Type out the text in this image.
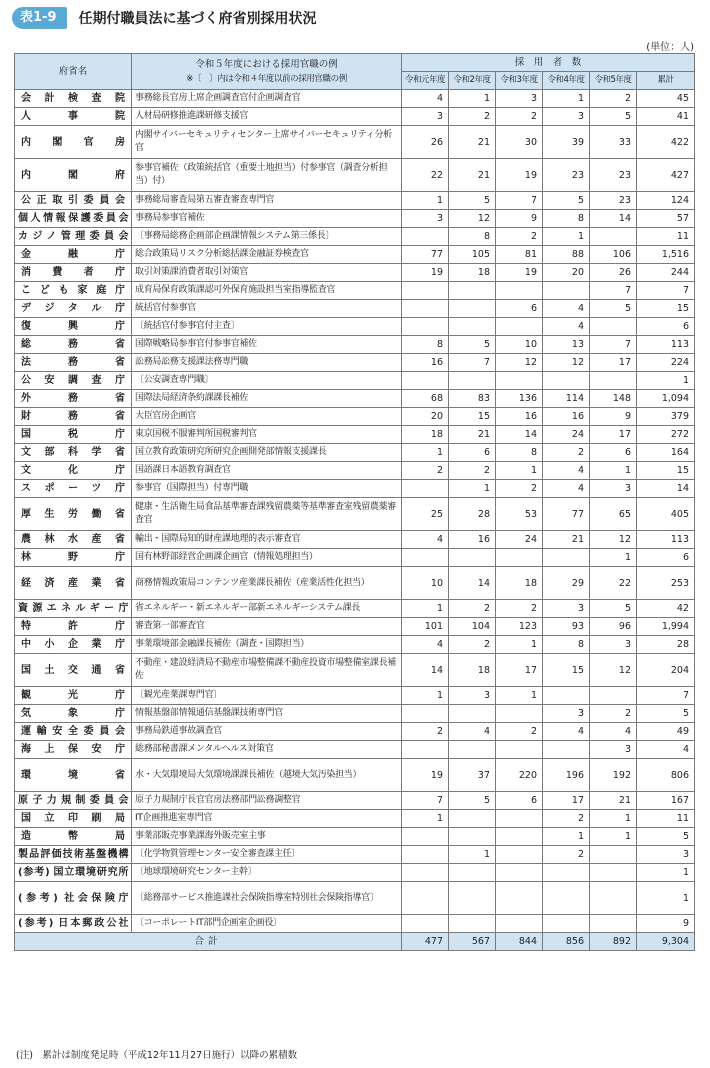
表1-9	任期付職員法に基づく府省別採用状況
(単位：人)
府省名	令和５年度における採用官職の例
※〔　〕内は令和４年度以前の採用官職の例	採　用　者　数					
		令和元年度	令和2年度	令和3年度	令和4年度	令和5年度	累計
会計検査院	事務総長官房上席企画調査官付企画調査官	4	1	3	1	2	45
人事院	人材局研修推進課研修支援官	3	2	2	3	5	41
内閣官房	内閣サイバーセキュリティセンター上席サイバーセキュリティ分析官	26	21	30	39	33	422
内閣府	参事官補佐（政策統括官（重要土地担当）付参事官（調査分析担当）付）	22	21	19	23	23	427
公正取引委員会	事務総局審査局第五審査審査専門官	1	5	7	5	23	124
個人情報保護委員会	事務局参事官補佐	3	12	9	8	14	57
カジノ管理委員会	〔事務局総務企画部企画課情報システム第三係長〕		8	2	1		11
金融庁	総合政策局リスク分析総括課金融証券検査官	77	105	81	88	106	1,516
消費者庁	取引対策課消費者取引対策官	19	18	19	20	26	244
こども家庭庁	成育局保育政策課認可外保育施設担当室指導監査官					7	7
デジタル庁	統括官付参事官			6	4	5	15
復興庁	〔統括官付参事官付主査〕				4		6
総務省	国際戦略局参事官付参事官補佐	8	5	10	13	7	113
法務省	訟務局訟務支援課法務専門職	16	7	12	12	17	224
公安調査庁	〔公安調査専門職〕						1
外務省	国際法局経済条約課課長補佐	68	83	136	114	148	1,094
財務省	大臣官房企画官	20	15	16	16	9	379
国税庁	東京国税不服審判所国税審判官	18	21	14	24	17	272
文部科学省	国立教育政策研究所研究企画開発部情報支援課長	1	6	8	2	6	164
文化庁	国語課日本語教育調査官	2	2	1	4	1	15
スポーツ庁	参事官（国際担当）付専門職		1	2	4	3	14
厚生労働省	健康・生活衛生局食品基準審査課残留農薬等基準審査室残留農薬審査官	25	28	53	77	65	405
農林水産省	輸出・国際局知的財産課地理的表示審査官	4	16	24	21	12	113
林野庁	国有林野部経営企画課企画官（情報処理担当）					1	6
経済産業省	商務情報政策局コンテンツ産業課長補佐（産業活性化担当）	10	14	18	29	22	253
資源エネルギー庁	省エネルギー・新エネルギー部新エネルギーシステム課長	1	2	2	3	5	42
特許庁	審査第一部審査官	101	104	123	93	96	1,994
中小企業庁	事業環境部金融課長補佐（調査・国際担当）	4	2	1	8	3	28
国土交通省	不動産・建設経済局不動産市場整備課不動産投資市場整備室課長補佐	14	18	17	15	12	204
観光庁	〔観光産業課専門官〕	1	3	1			7
気象庁	情報基盤部情報通信基盤課技術専門官				3	2	5
運輸安全委員会	事務局鉄道事故調査官	2	4	2	4	4	49
海上保安庁	総務部秘書課メンタルヘルス対策官					3	4
環境省	水・大気環境局大気環境課課長補佐（越境大気汚染担当）	19	37	220	196	192	806
原子力規制委員会	原子力規制庁長官官房法務部門訟務調整官	7	5	6	17	21	167
国立印刷局	IT企画推進室専門官	1			2	1	11
造幣局	事業部販売事業課海外販売室主事				1	1	5
製品評価技術基盤機構	〔化学物質管理センター安全審査課主任〕		1		2		3
(参考) 国立環境研究所	〔地球環境研究センター主幹〕						1
(参考) 社会保険庁	〔総務部サービス推進課社会保険指導室特別社会保険指導官〕						1
(参考) 日本郵政公社	〔コーポレートIT部門企画室企画役〕						9
合計		477	567	844	856	892	9,304
(注)　累計は制度発足時（平成12年11月27日施行）以降の累積数
